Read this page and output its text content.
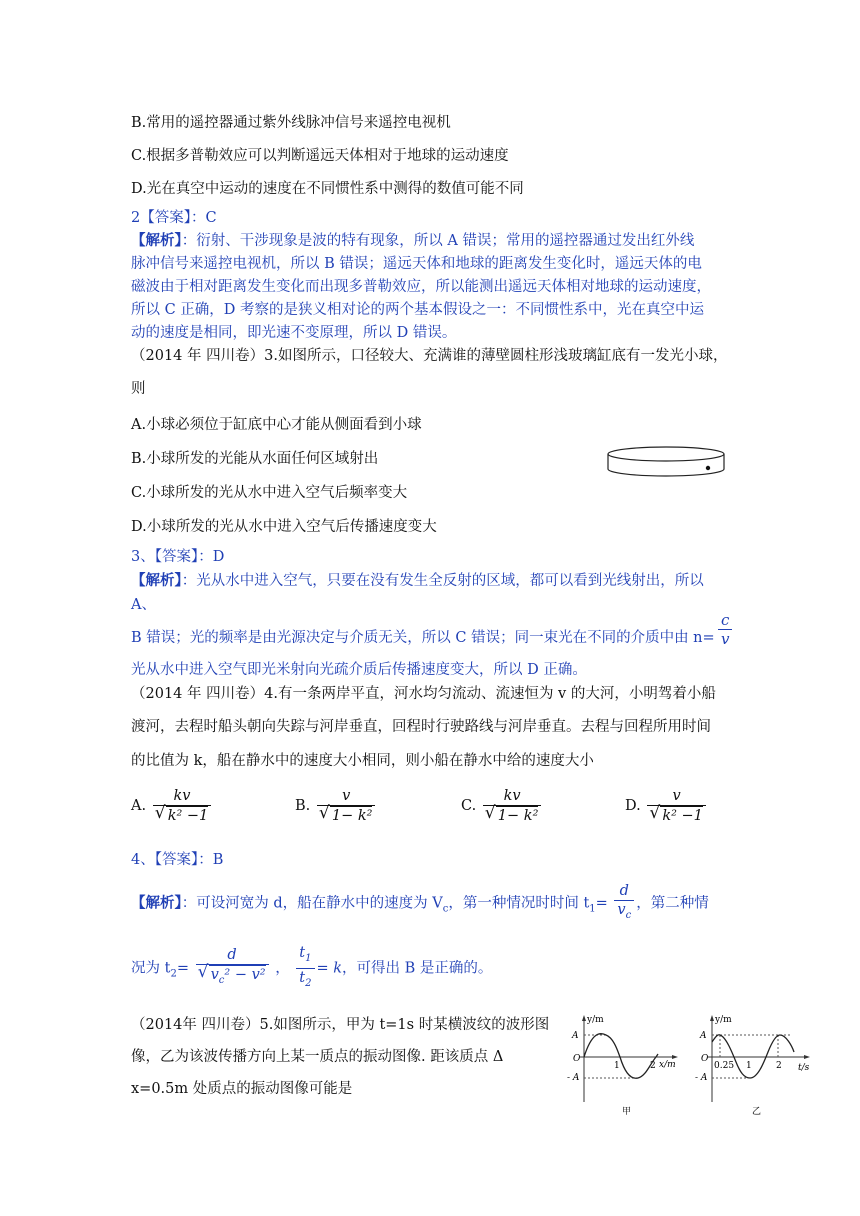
B.常用的遥控器通过紫外线脉冲信号来遥控电视机
C.根据多普勒效应可以判断遥远天体相对于地球的运动速度
D.光在真空中运动的速度在不同惯性系中测得的数值可能不同
2【答案】：C
【解析】：衍射、干涉现象是波的特有现象，所以 A 错误；常用的遥控器通过发出红外线
脉冲信号来遥控电视机，所以 B 错误；遥远天体和地球的距离发生变化时，遥远天体的电
磁波由于相对距离发生变化而出现多普勒效应，所以能测出遥远天体相对地球的运动速度，
所以 C 正确，D 考察的是狭义相对论的两个基本假设之一：不同惯性系中，光在真空中运
动的速度是相同，即光速不变原理，所以 D 错误。
（2014 年 四川卷）3.如图所示，口径较大、充满谁的薄壁圆柱形浅玻璃缸底有一发光小球，
则
A.小球必须位于缸底中心才能从侧面看到小球
B.小球所发的光能从水面任何区域射出
C.小球所发的光从水中进入空气后频率变大
D.小球所发的光从水中进入空气后传播速度变大
3、【答案】：D
【解析】：光从水中进入空气，只要在没有发生全反射的区域，都可以看到光线射出，所以
A、
B 错误；光的频率是由光源决定与介质无关，所以 C 错误；同一束光在不同的介质中由 $n= \frac{c}{v}$
光从水中进入空气即光米射向光疏介质后传播速度变大，所以 D 正确。
（2014 年 四川卷）4.有一条两岸平直，河水均匀流动、流速恒为 v 的大河，小明驾着小船
渡河，去程时船头朝向失踪与河岸垂直，回程时行驶路线与河岸垂直。去程与回程所用时间
的比值为 k，船在静水中的速度大小相同，则小船在静水中给的速度大小
A. kv
√ k² −1	B. v
√ 1− k²	C. kv
√ 1− k²	D. v
√ k² −1
4、【答案】：B
【解析】：可设河宽为 d，船在静水中的速度为 $V_c$，第一种情况时时间 $t_1= \frac{d}{v_c}$ ，第二种情
况为 $t_2= d$
√ $v_c^2 - v^2$ ， $\frac{t_1}{t_2} = k$，可得出 B 是正确的。
（2014年 四川卷）5.如图所示，甲为 t=1s 时某横波纹的波形图
像，乙为该波传播方向上某一质点的振动图像. 距该质点 Δ
x=0.5m 处质点的振动图像可能是
y/m
x/m
A
- A
O
1	2
甲
y/m
t/s
A
- A
O
0.25 1	2
乙
